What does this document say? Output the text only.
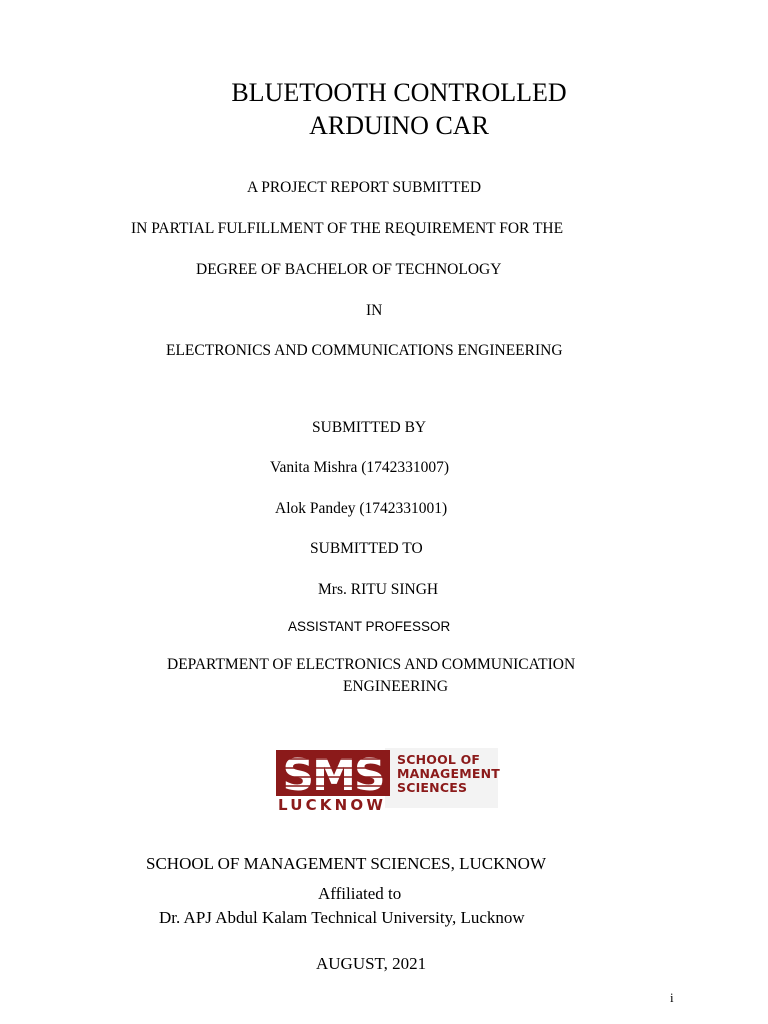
BLUETOOTH CONTROLLED
ARDUINO CAR
A PROJECT REPORT SUBMITTED
IN PARTIAL FULFILLMENT OF THE REQUIREMENT FOR THE
DEGREE OF BACHELOR OF TECHNOLOGY
IN
ELECTRONICS AND COMMUNICATIONS ENGINEERING
SUBMITTED BY
Vanita Mishra (1742331007)
Alok Pandey (1742331001)
SUBMITTED TO
Mrs. RITU SINGH
ASSISTANT PROFESSOR
DEPARTMENT OF ELECTRONICS AND COMMUNICATION
ENGINEERING
SMS SCHOOL OF
MANAGEMENT
SCIENCES
LUCKNOW
SCHOOL OF MANAGEMENT SCIENCES, LUCKNOW
Affiliated to
Dr. APJ Abdul Kalam Technical University, Lucknow
AUGUST, 2021
i
